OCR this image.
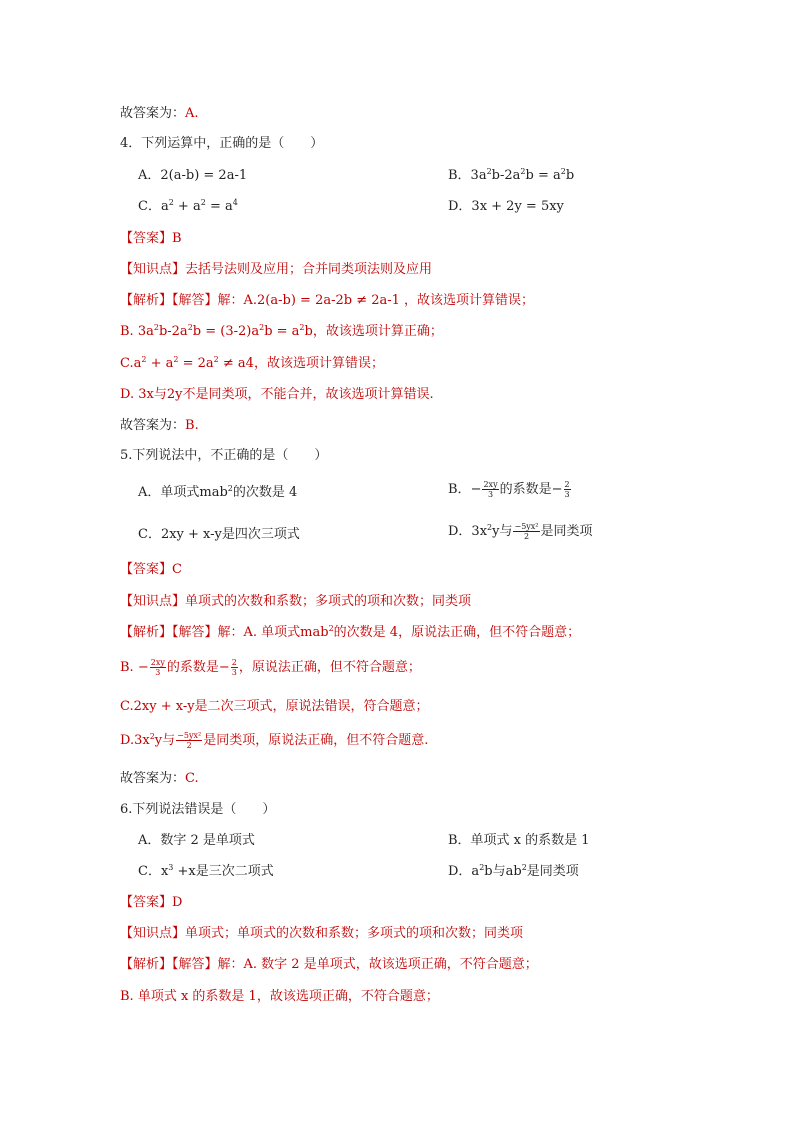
故答案为：A.
4．下列运算中，正确的是（　　）
A．2(a-b) = 2a-1	B．$3a^2b-2a^2b = a^2b$
C．$a^2 + a^2 = a^4$	D．3x + 2y = 5xy
【答案】B
【知识点】去括号法则及应用；合并同类项法则及应用
【解析】【解答】解：A.2(a-b) = 2a-2b ≠ 2a-1 ，故该选项计算错误；
B. $3a^2b-2a^2b = (3-2)a^2b = a^2b$，故该选项计算正确；
$C.a^2 + a^2 = 2a^2 \ne a4$，故该选项计算错误；
D. 3x与2y不是同类项，不能合并，故该选项计算错误.
故答案为：B.
5.下列说法中，不正确的是（　　）
A．单项式mab$^2$的次数是 4	B．− $\frac{2xy}{3}$ 的系数是− $\frac{2}{3}$
C．2xy + x-y是四次三项式	D．$3x^2y$与 $\frac{\text{−5yx²}}{2}$ 是同类项
【答案】C
【知识点】单项式的次数和系数；多项式的项和次数；同类项
【解析】【解答】解：A. 单项式mab$^2$的次数是 4，原说法正确，但不符合题意；
B. − $\frac{2xy}{3}$ 的系数是− $\frac{2}{3}$ ，原说法正确，但不符合题意；
C.2xy + x-y是二次三项式，原说法错误，符合题意；
$D.3x^2y$与 $\frac{\text{−5yx²}}{2}$ 是同类项，原说法正确，但不符合题意.
故答案为：C.
6.下列说法错误是（　　）
A．数字 2 是单项式	B．单项式 x 的系数是 1
C．$x^3 +x$是三次二项式	D．$a^2b$与$ab^2$是同类项
【答案】D
【知识点】单项式；单项式的次数和系数；多项式的项和次数；同类项
【解析】【解答】解：A. 数字 2 是单项式，故该选项正确，不符合题意；
B. 单项式 x 的系数是 1，故该选项正确，不符合题意；
